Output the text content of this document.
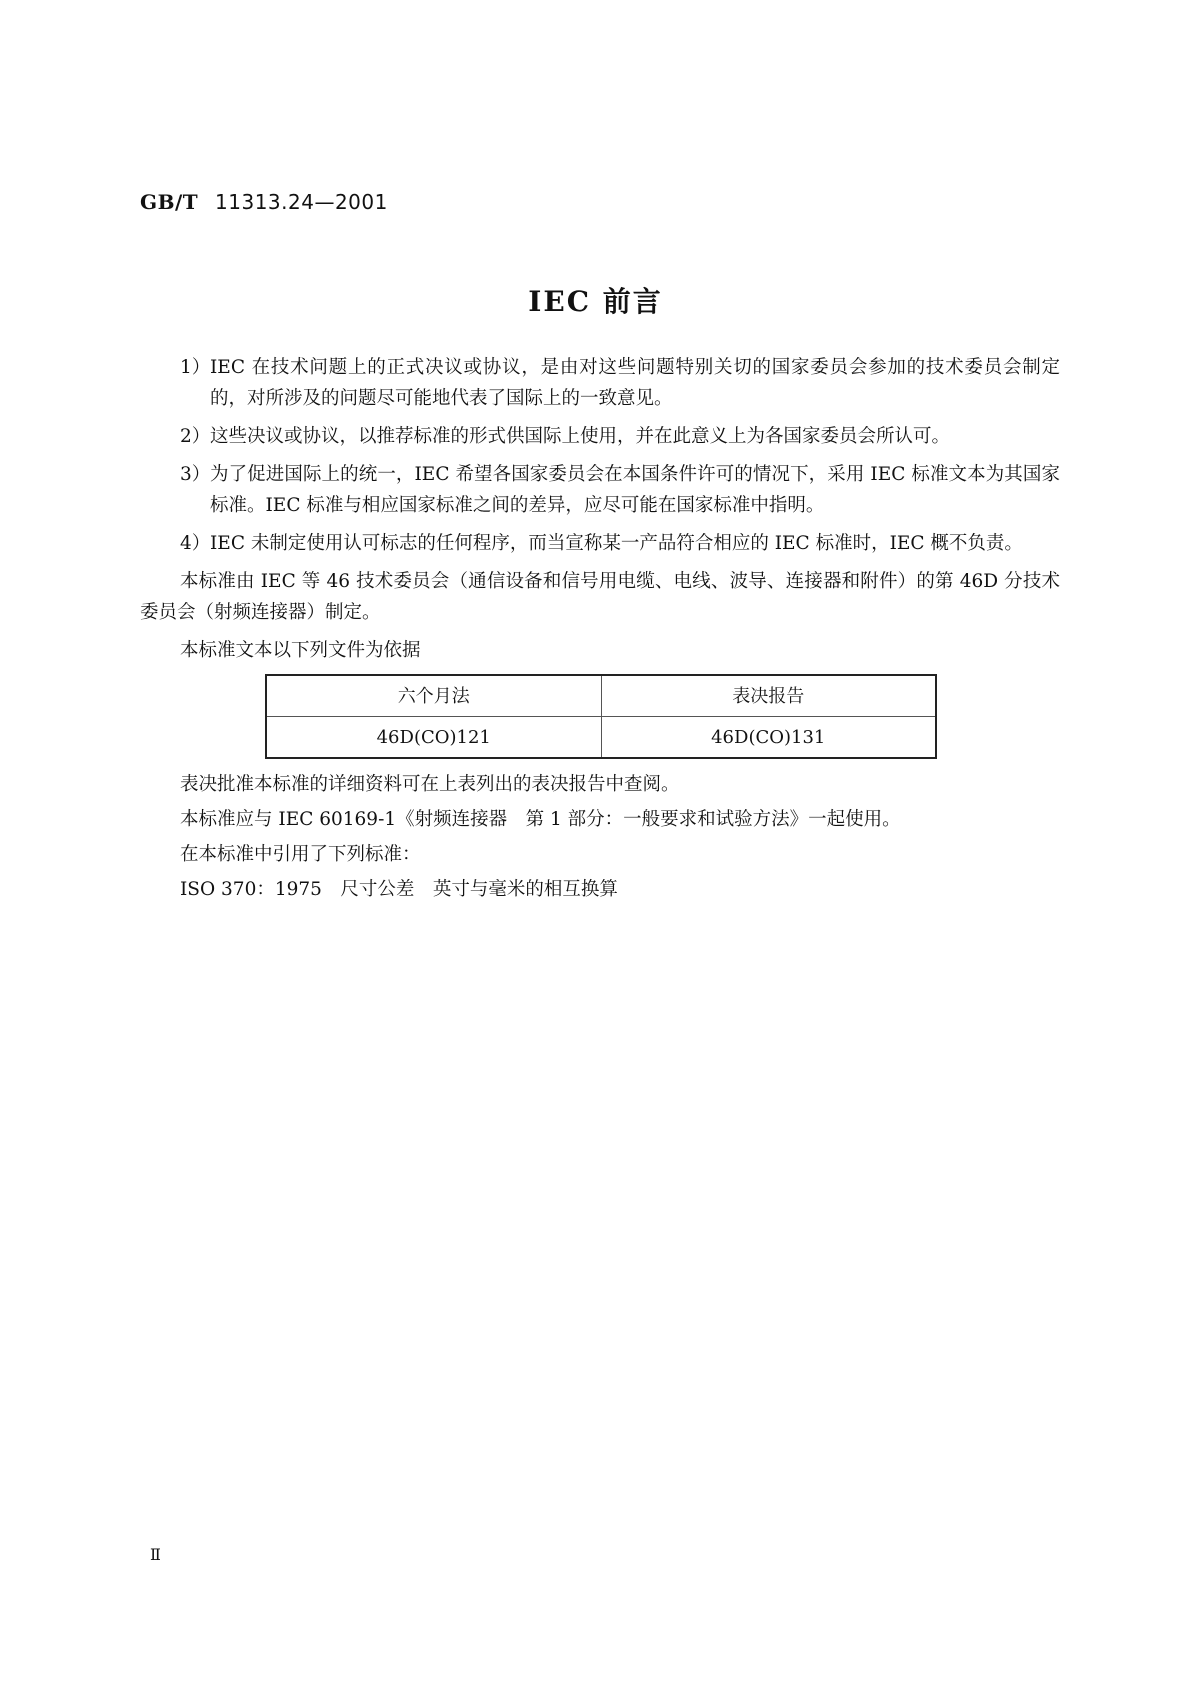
GB/T 11313.24—2001
IEC 前言
1） IEC 在技术问题上的正式决议或协议，是由对这些问题特别关切的国家委员会参加的技术委员会制定的，对所涉及的问题尽可能地代表了国际上的一致意见。
2） 这些决议或协议，以推荐标准的形式供国际上使用，并在此意义上为各国家委员会所认可。
3） 为了促进国际上的统一，IEC 希望各国家委员会在本国条件许可的情况下，采用 IEC 标准文本为其国家标准。IEC 标准与相应国家标准之间的差异，应尽可能在国家标准中指明。
4） IEC 未制定使用认可标志的任何程序，而当宣称某一产品符合相应的 IEC 标准时，IEC 概不负责。

本标准由 IEC 等 46 技术委员会（通信设备和信号用电缆、电线、波导、连接器和附件）的第 46D 分技术委员会（射频连接器）制定。

本标准文本以下列文件为依据

六个月法	表决报告
46D(CO)121	46D(CO)131

表决批准本标准的详细资料可在上表列出的表决报告中查阅。

本标准应与 IEC 60169-1《射频连接器　第 1 部分：一般要求和试验方法》一起使用。

在本标准中引用了下列标准：

ISO 370：1975　尺寸公差　英寸与毫米的相互换算

Ⅱ
